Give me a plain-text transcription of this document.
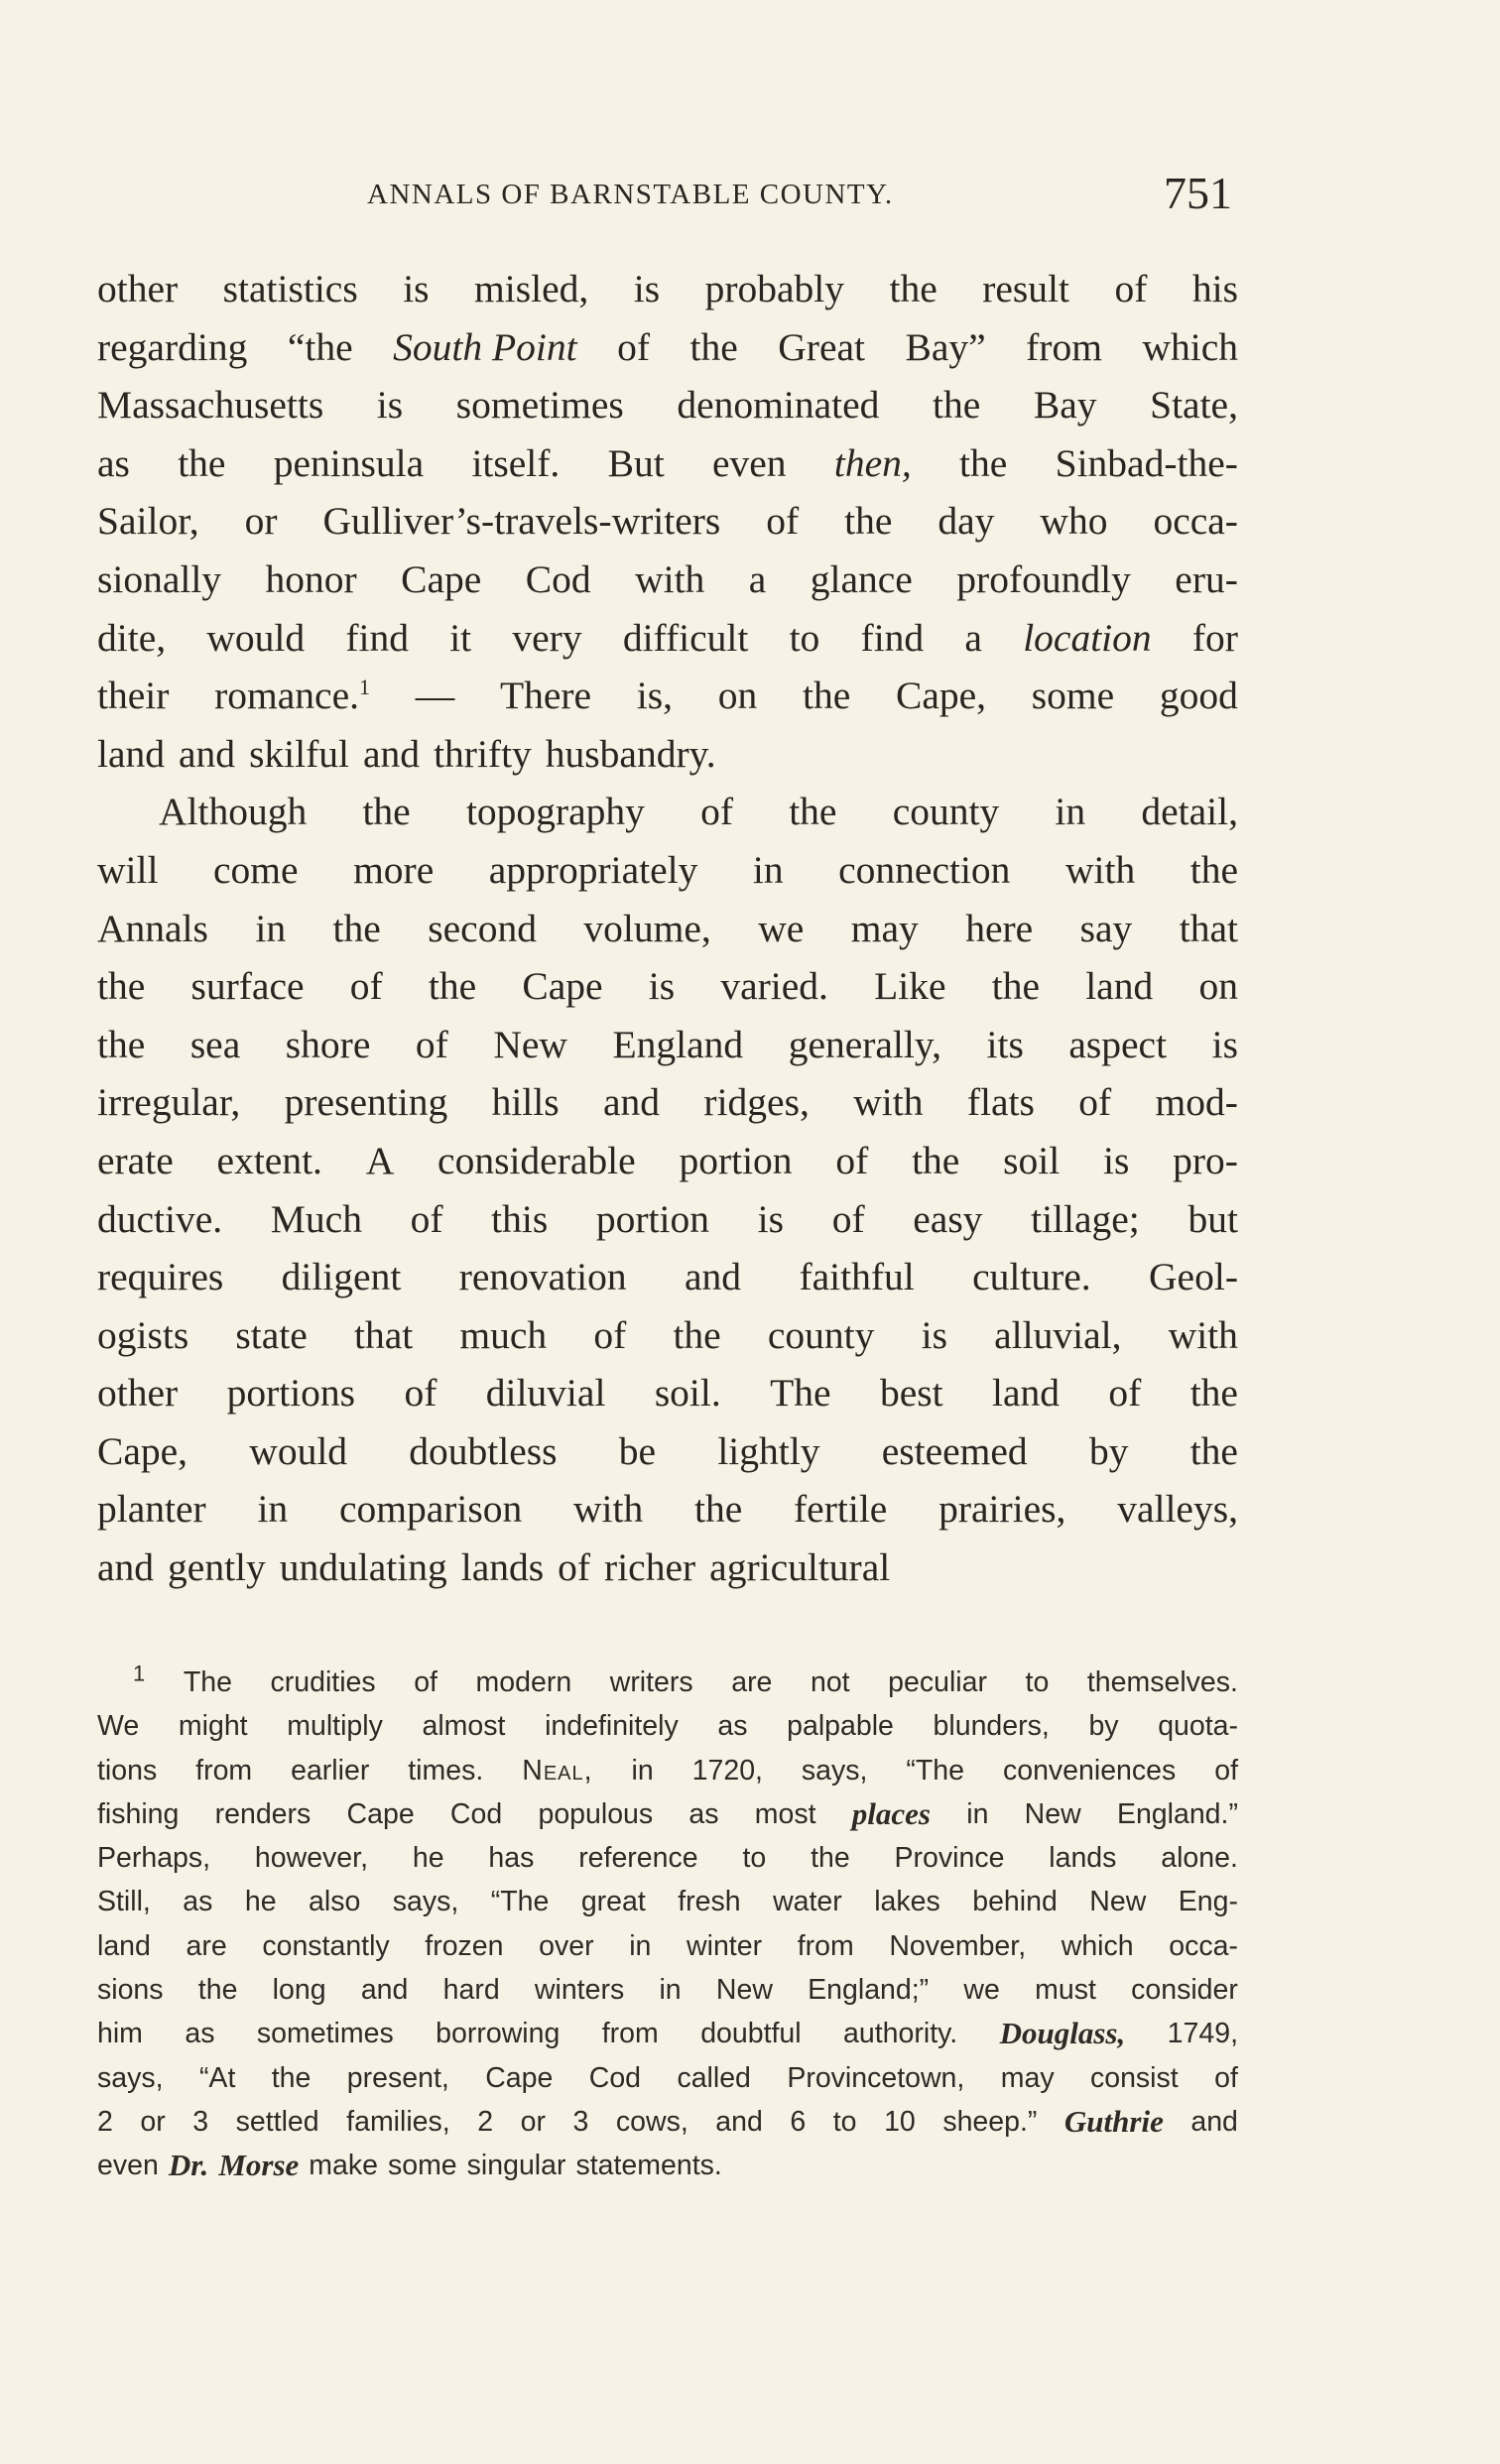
ANNALS OF BARNSTABLE COUNTY.	751
other statistics is misled, is probably the result of his
regarding “the South Point of the Great Bay” from which
Massachusetts is sometimes denominated the Bay State,
as the peninsula itself. But even then, the Sinbad-the-
Sailor, or Gulliver’s-travels-writers of the day who occa-
sionally honor Cape Cod with a glance profoundly eru-
dite, would find it very difficult to find a location for
their romance.$^1$ — There is, on the Cape, some good
land and skilful and thrifty husbandry.
Although the topography of the county in detail,
will come more appropriately in connection with the
Annals in the second volume, we may here say that
the surface of the Cape is varied. Like the land on
the sea shore of New England generally, its aspect is
irregular, presenting hills and ridges, with flats of mod-
erate extent. A considerable portion of the soil is pro-
ductive. Much of this portion is of easy tillage; but
requires diligent renovation and faithful culture. Geol-
ogists state that much of the county is alluvial, with
other portions of diluvial soil. The best land of the
Cape, would doubtless be lightly esteemed by the
planter in comparison with the fertile prairies, valleys,
and gently undulating lands of richer agricultural
$^1$ The crudities of modern writers are not peculiar to themselves.
We might multiply almost indefinitely as palpable blunders, by quota-
tions from earlier times. Neal, in 1720, says, “The conveniences of
fishing renders Cape Cod populous as most places in New England.”
Perhaps, however, he has reference to the Province lands alone.
Still, as he also says, “The great fresh water lakes behind New Eng-
land are constantly frozen over in winter from November, which occa-
sions the long and hard winters in New England;” we must consider
him as sometimes borrowing from doubtful authority. Douglass, 1749,
says, “At the present, Cape Cod called Provincetown, may consist of
2 or 3 settled families, 2 or 3 cows, and 6 to 10 sheep.” Guthrie and
even Dr. Morse make some singular statements.
